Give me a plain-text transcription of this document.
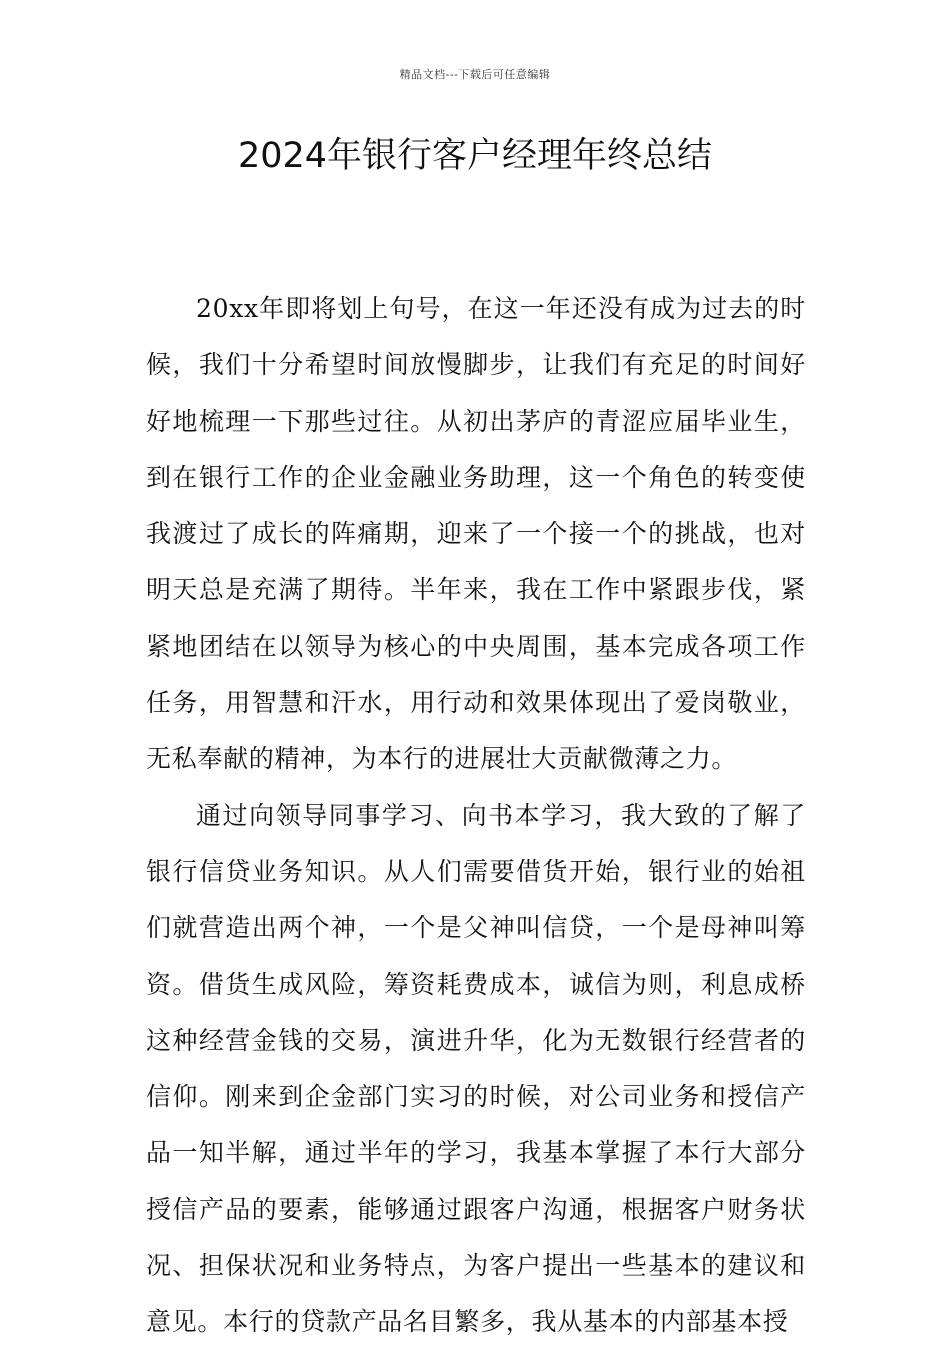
精品文档---下载后可任意编辑
2024年银行客户经理年终总结

20xx年即将划上句号，在这一年还没有成为过去的时候，我们十分希望时间放慢脚步，让我们有充足的时间好好地梳理一下那些过往。从初出茅庐的青涩应届毕业生，到在银行工作的企业金融业务助理，这一个角色的转变使我渡过了成长的阵痛期，迎来了一个接一个的挑战，也对明天总是充满了期待。半年来，我在工作中紧跟步伐，紧紧地团结在以领导为核心的中央周围，基本完成各项工作任务，用智慧和汗水，用行动和效果体现出了爱岗敬业，无私奉献的精神，为本行的进展壮大贡献微薄之力。

通过向领导同事学习、向书本学习，我大致的了解了银行信贷业务知识。从人们需要借货开始，银行业的始祖们就营造出两个神，一个是父神叫信贷，一个是母神叫筹资。借货生成风险，筹资耗费成本，诚信为则，利息成桥这种经营金钱的交易，演进升华，化为无数银行经营者的信仰。刚来到企金部门实习的时候，对公司业务和授信产品一知半解，通过半年的学习，我基本掌握了本行大部分授信产品的要素，能够通过跟客户沟通，根据客户财务状况、担保状况和业务特点，为客户提出一些基本的建议和意见。本行的贷款产品名目繁多，我从基本的内部基本授
